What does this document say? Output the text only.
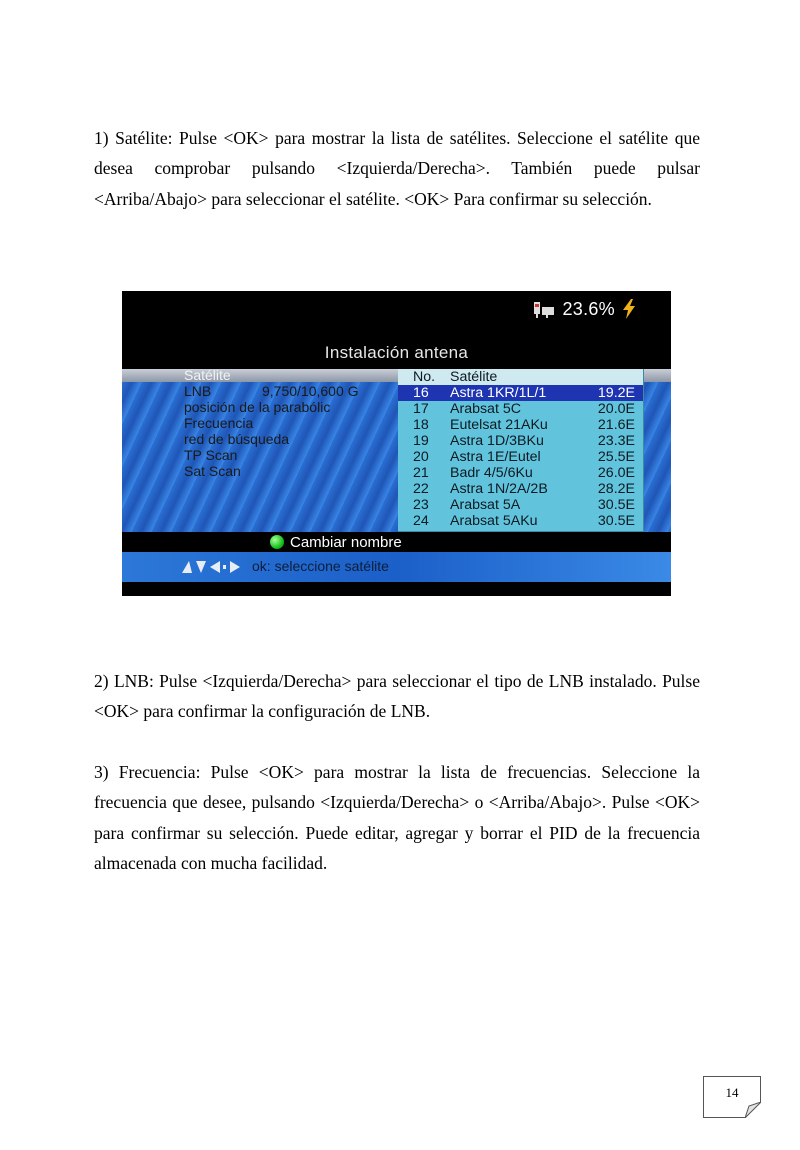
1) Satélite: Pulse <OK> para mostrar la lista de satélites. Seleccione el satélite que desea comprobar pulsando <Izquierda/Derecha>. También puede pulsar <Arriba/Abajo> para seleccionar el satélite. <OK> Para confirmar su selección.

23.6%
Instalación antena
Satélite
LNB	9,750/10,600 G
posición de la parabólic
Frecuencia
red de búsqueda
TP Scan
Sat Scan
No. Satélite
16 Astra 1KR/1L/1	19.2E
17 Arabsat 5C	20.0E
18 Eutelsat 21AKu	21.6E
19 Astra 1D/3BKu	23.3E
20 Astra 1E/Eutel	25.5E
21 Badr 4/5/6Ku	26.0E
22 Astra 1N/2A/2B	28.2E
23 Arabsat 5A	30.5E
24 Arabsat 5AKu	30.5E
Cambiar nombre
ok: seleccione satélite

2) LNB: Pulse <Izquierda/Derecha> para seleccionar el tipo de LNB instalado. Pulse <OK> para confirmar la configuración de LNB.

3) Frecuencia: Pulse <OK> para mostrar la lista de frecuencias. Seleccione la frecuencia que desee, pulsando <Izquierda/Derecha> o <Arriba/Abajo>. Pulse <OK> para confirmar su selección. Puede editar, agregar y borrar el PID de la frecuencia almacenada con mucha facilidad.

14
